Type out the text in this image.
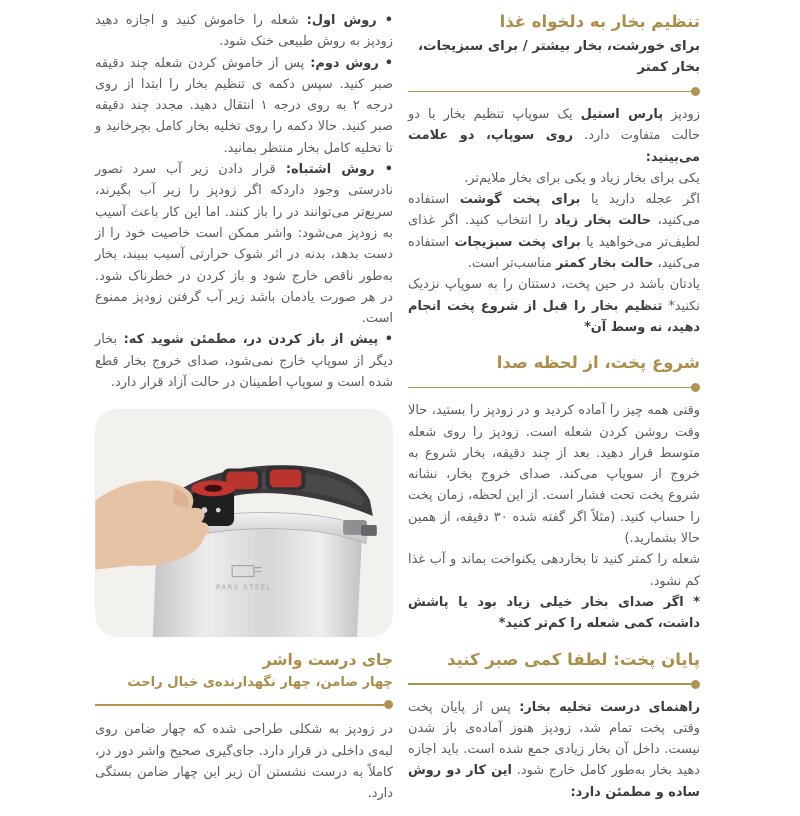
• روش اول: شعله را خاموش کنید و اجازه دهید زودپز به روش طبیعی خنک شود.

• روش دوم: پس از خاموش کردن شعله چند دقیقه صبر کنید. سپس دکمه ی تنظیم بخار را ابتدا از روی درجه ۲ به روی درجه ۱ انتقال دهید. مجدد چند دقیقه صبر کنید. حالا دکمه را روی تخلیه بخار کامل بچرخانید و تا تخلیه کامل بخار منتظر بمانید.

• روش اشتباه: قرار دادن زیر آب سرد تصور نادرستی وجود داردکه اگر زودپز را زیر آب بگیرند، سریع‌تر می‌توانند در را باز کنند. اما این کار باعث آسیب به زودپز می‌شود: واشر ممکن است خاصیت خود را از دست بدهد، بدنه در اثر شوک حرارتی آسیب ببیند، بخار به‌طور ناقص خارج شود و باز کردن در خطرناک شود. در هر صورت یادمان باشد زیر آب گرفتن زودپز ممنوع است.

• پیش از باز کردن در، مطمئن شوید که: بخار دیگر از سوپاپ خارج نمی‌شود، صدای خروج بخار قطع شده است و سوپاپ اطمینان در حالت آزاد قرار دارد.

PARS STEEL
جای درست واشر
چهار ضامن، چهار نگهدارنده‌ی خیال راحت

در زودپز به شکلی طراحی شده که چهار ضامن روی لبه‌ی داخلی در قرار دارد. جای‌گیری صحیح واشر دور در، کاملاً به درست نشستن آن زیر این چهار ضامن بستگی دارد.

تنظیم بخار به دلخواه غذا
برای خورشت، بخار بیشتر / برای سبزیجات، بخار کمتر

زودپز پارس استیل یک سوپاپ تنظیم بخار با دو حالت متفاوت دارد. روی سوپاپ، دو علامت می‌بینید:

یکی برای بخار زیاد و یکی برای بخار ملایم‌تر.

اگر عجله دارید یا برای پخت گوشت استفاده می‌کنید، حالت بخار زیاد را انتخاب کنید. اگر غذای لطیف‌تر می‌خواهید یا برای پخت سبزیجات استفاده می‌کنید، حالت بخار کمتر مناسب‌تر است.

یادتان باشد در حین پخت، دستتان را به سوپاپ نزدیک نکنید* تنظیم بخار را قبل از شروع پخت انجام دهید، نه وسط آن*

شروع پخت، از لحظه صدا

وقتی همه چیز را آماده کردید و در زودپز را بستید، حالا وقت روشن کردن شعله است. زودپز را روی شعله متوسط قرار دهید. بعد از چند دقیقه، بخار شروع به خروج از سوپاپ می‌کند. صدای خروج بخار، نشانه شروع پخت تحت فشار است. از این لحظه، زمان پخت را حساب کنید. (مثلاً اگر گفته شده ۳۰ دقیقه، از همین حالا بشمارید.)

شعله را کمتر کنید تا بخاردهی یکنواخت بماند و آب غذا کم نشود.

* اگر صدای بخار خیلی زیاد بود یا پاشش داشت، کمی شعله را کم‌تر کنید*

پایان پخت: لطفا کمی صبر کنید

راهنمای درست تخلیه بخار: پس از پایان پخت وقتی پخت تمام شد، زودپز هنوز آماده‌ی باز شدن نیست. داخل آن بخار زیادی جمع شده است. باید اجازه دهید بخار به‌طور کامل خارج شود. این کار دو روش ساده و مطمئن دارد:
